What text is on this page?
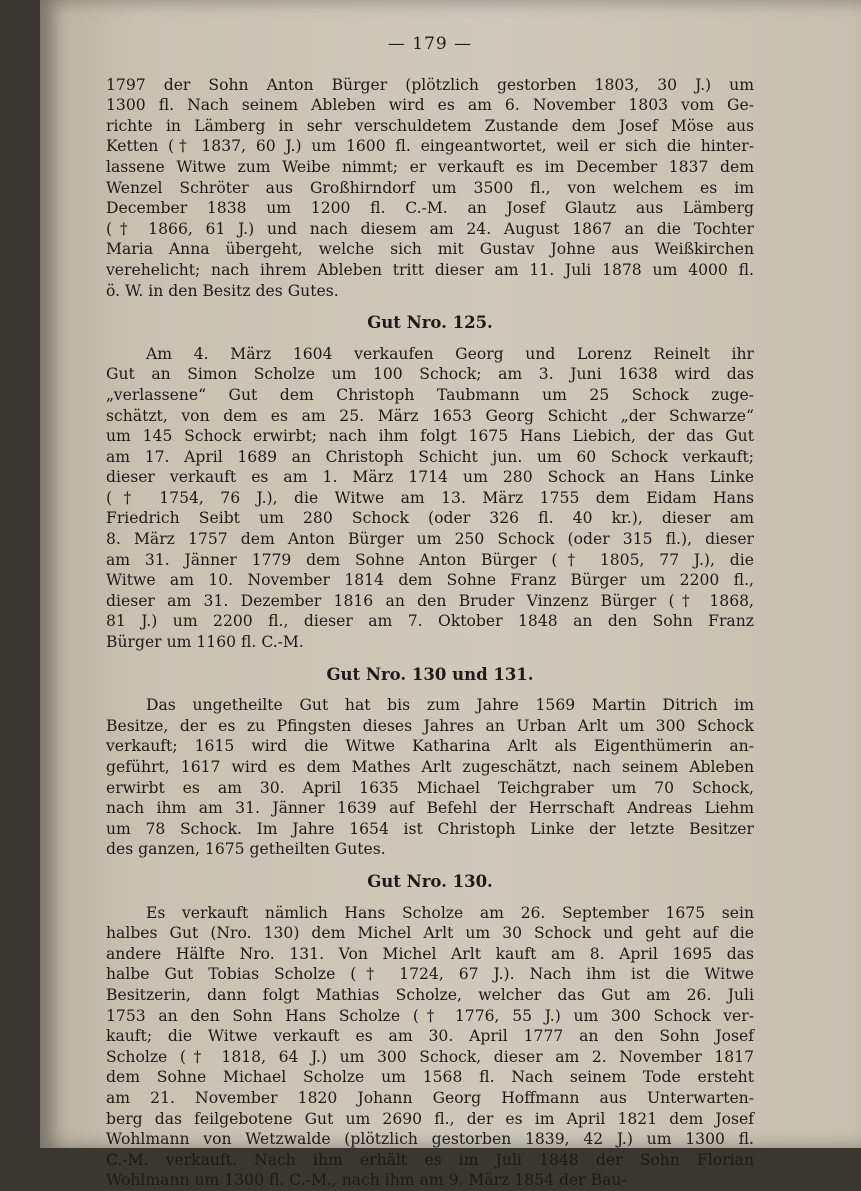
— 179 —

1797 der Sohn Anton Bürger (plötzlich gestorben 1803, 30 J.) um
1300 fl. Nach seinem Ableben wird es am 6. November 1803 vom Ge-
richte in Lämberg in sehr verschuldetem Zustande dem Josef Möse aus
Ketten († 1837, 60 J.) um 1600 fl. eingeantwortet, weil er sich die hinter-
lassene Witwe zum Weibe nimmt; er verkauft es im December 1837 dem
Wenzel Schröter aus Großhirndorf um 3500 fl., von welchem es im
December 1838 um 1200 fl. C.-M. an Josef Glautz aus Lämberg
(† 1866, 61 J.) und nach diesem am 24. August 1867 an die Tochter
Maria Anna übergeht, welche sich mit Gustav Johne aus Weißkirchen
verehelicht; nach ihrem Ableben tritt dieser am 11. Juli 1878 um 4000 fl.
ö. W. in den Besitz des Gutes.

Gut Nro. 125.

Am 4. März 1604 verkaufen Georg und Lorenz Reinelt ihr
Gut an Simon Scholze um 100 Schock; am 3. Juni 1638 wird das
„verlassene“ Gut dem Christoph Taubmann um 25 Schock zuge-
schätzt, von dem es am 25. März 1653 Georg Schicht „der Schwarze“
um 145 Schock erwirbt; nach ihm folgt 1675 Hans Liebich, der das Gut
am 17. April 1689 an Christoph Schicht jun. um 60 Schock verkauft;
dieser verkauft es am 1. März 1714 um 280 Schock an Hans Linke
(† 1754, 76 J.), die Witwe am 13. März 1755 dem Eidam Hans
Friedrich Seibt um 280 Schock (oder 326 fl. 40 kr.), dieser am
8. März 1757 dem Anton Bürger um 250 Schock (oder 315 fl.), dieser
am 31. Jänner 1779 dem Sohne Anton Bürger († 1805, 77 J.), die
Witwe am 10. November 1814 dem Sohne Franz Bürger um 2200 fl.,
dieser am 31. Dezember 1816 an den Bruder Vinzenz Bürger († 1868,
81 J.) um 2200 fl., dieser am 7. Oktober 1848 an den Sohn Franz
Bürger um 1160 fl. C.-M.

Gut Nro. 130 und 131.

Das ungetheilte Gut hat bis zum Jahre 1569 Martin Ditrich im
Besitze, der es zu Pfingsten dieses Jahres an Urban Arlt um 300 Schock
verkauft; 1615 wird die Witwe Katharina Arlt als Eigenthümerin an-
geführt, 1617 wird es dem Mathes Arlt zugeschätzt, nach seinem Ableben
erwirbt es am 30. April 1635 Michael Teichgraber um 70 Schock,
nach ihm am 31. Jänner 1639 auf Befehl der Herrschaft Andreas Liehm
um 78 Schock. Im Jahre 1654 ist Christoph Linke der letzte Besitzer
des ganzen, 1675 getheilten Gutes.

Gut Nro. 130.

Es verkauft nämlich Hans Scholze am 26. September 1675 sein
halbes Gut (Nro. 130) dem Michel Arlt um 30 Schock und geht auf die
andere Hälfte Nro. 131. Von Michel Arlt kauft am 8. April 1695 das
halbe Gut Tobias Scholze († 1724, 67 J.). Nach ihm ist die Witwe
Besitzerin, dann folgt Mathias Scholze, welcher das Gut am 26. Juli
1753 an den Sohn Hans Scholze († 1776, 55 J.) um 300 Schock ver-
kauft; die Witwe verkauft es am 30. April 1777 an den Sohn Josef
Scholze († 1818, 64 J.) um 300 Schock, dieser am 2. November 1817
dem Sohne Michael Scholze um 1568 fl. Nach seinem Tode ersteht
am 21. November 1820 Johann Georg Hoffmann aus Unterwarten-
berg das feilgebotene Gut um 2690 fl., der es im April 1821 dem Josef
Wohlmann von Wetzwalde (plötzlich gestorben 1839, 42 J.) um 1300 fl.
C.-M. verkauft. Nach ihm erhält es im Juli 1848 der Sohn Florian
Wohlmann um 1300 fl. C.-M., nach ihm am 9. März 1854 der Bau-
